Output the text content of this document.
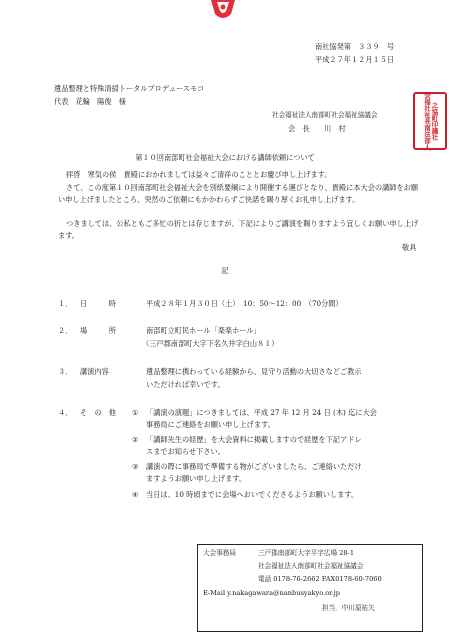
南社協発第　３３９　号
平成２７年１２月１５日
遺品整理と特殊清掃トータルプロデュースモコ
代表　花輪　陽俊　様
社会福祉法人南部町社会福祉協議会
会　長　　川　村	会福社祉長南法部人 之協町
印議社
第１０回南部町社会福祉大会における講師依頼について
拝啓　寒気の侯　貴殿におかれましては益々ご清祥のこととお慶び申し上げます。
さて、この度第１０回南部町社会福祉大会を別紙要綱により開催する運びとなり、貴殿に本大会の講師をお願い申し上げましたところ、突然のご依頼にもかかわらずご快諾を賜り厚くお礼申し上げます。
つきましては、公私ともご多忙の折とは存じますが、下記によりご講演を賜りますよう宜しくお願い申し上げます。
敬具
記
１． 日　　　時	平成２８年１月３０日（土）　10：50～12：00　（70分間）
２． 場　　　所	南部町立町民ホール「楽楽ホール」
（三戸郡南部町大字下名久井字白山８１）
３． 講演内容	遺品整理に携わっている経験から、見守り活動の大切さなどご教示
いただければ幸いです。
４． そ　の　他 ① 「講演の演題」につきましては、平成 27 年 12 月 24 日 (木) 迄に大会
事務局にご連絡をお願い申し上げます。
② 「講師先生の経歴」を大会資料に掲載しますので経歴を下記アドレ
スまでお知らせ下さい。
③ 講演の際に事務局で準備する物がございましたら、ご連絡いただけ
ますようお願い申し上げます。
④ 当日は、10 時頃までに会場へおいでくださるようお願いします。
大会事務局	三戸郡南部町大字平字広場 28-1
社会福祉法人南部町社会福祉協議会
電話 0178-76-2662 FAX0178-60-7060
E-Mail y.nakagawara@nanbusyakyo.or.jp
担当．中川原祐矢
